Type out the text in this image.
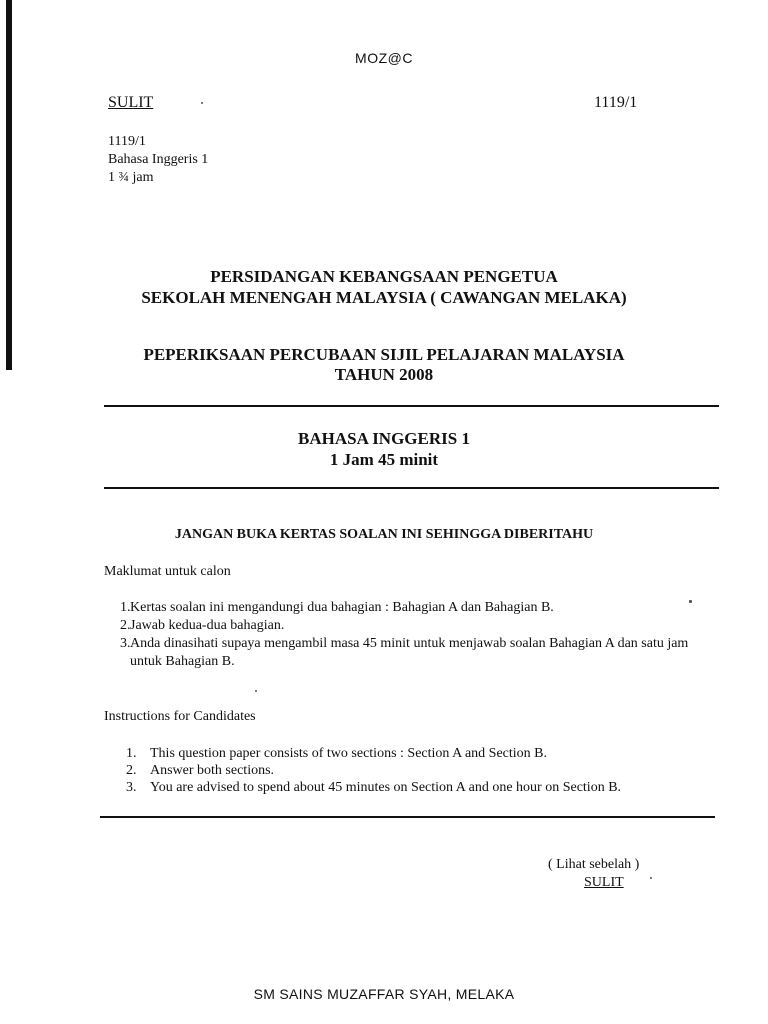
MOZ@C
SULIT	1119/1
1119/1
Bahasa Inggeris 1
1 ¾ jam
PERSIDANGAN KEBANGSAAN PENGETUA
SEKOLAH MENENGAH MALAYSIA ( CAWANGAN MELAKA)
PEPERIKSAAN PERCUBAAN SIJIL PELAJARAN MALAYSIA
TAHUN 2008
BAHASA INGGERIS 1
1 Jam 45 minit
JANGAN BUKA KERTAS SOALAN INI SEHINGGA DIBERITAHU
Maklumat untuk calon
1. Kertas soalan ini mengandungi dua bahagian : Bahagian A dan Bahagian B.
2. Jawab kedua-dua bahagian.
3. Anda dinasihati supaya mengambil masa 45 minit untuk menjawab soalan Bahagian A dan satu jam untuk Bahagian B.
Instructions for Candidates
1. This question paper consists of two sections : Section A and Section B.
2. Answer both sections.
3. You are advised to spend about 45 minutes on Section A and one hour on Section B.
( Lihat sebelah )
SULIT
SM SAINS MUZAFFAR SYAH, MELAKA
